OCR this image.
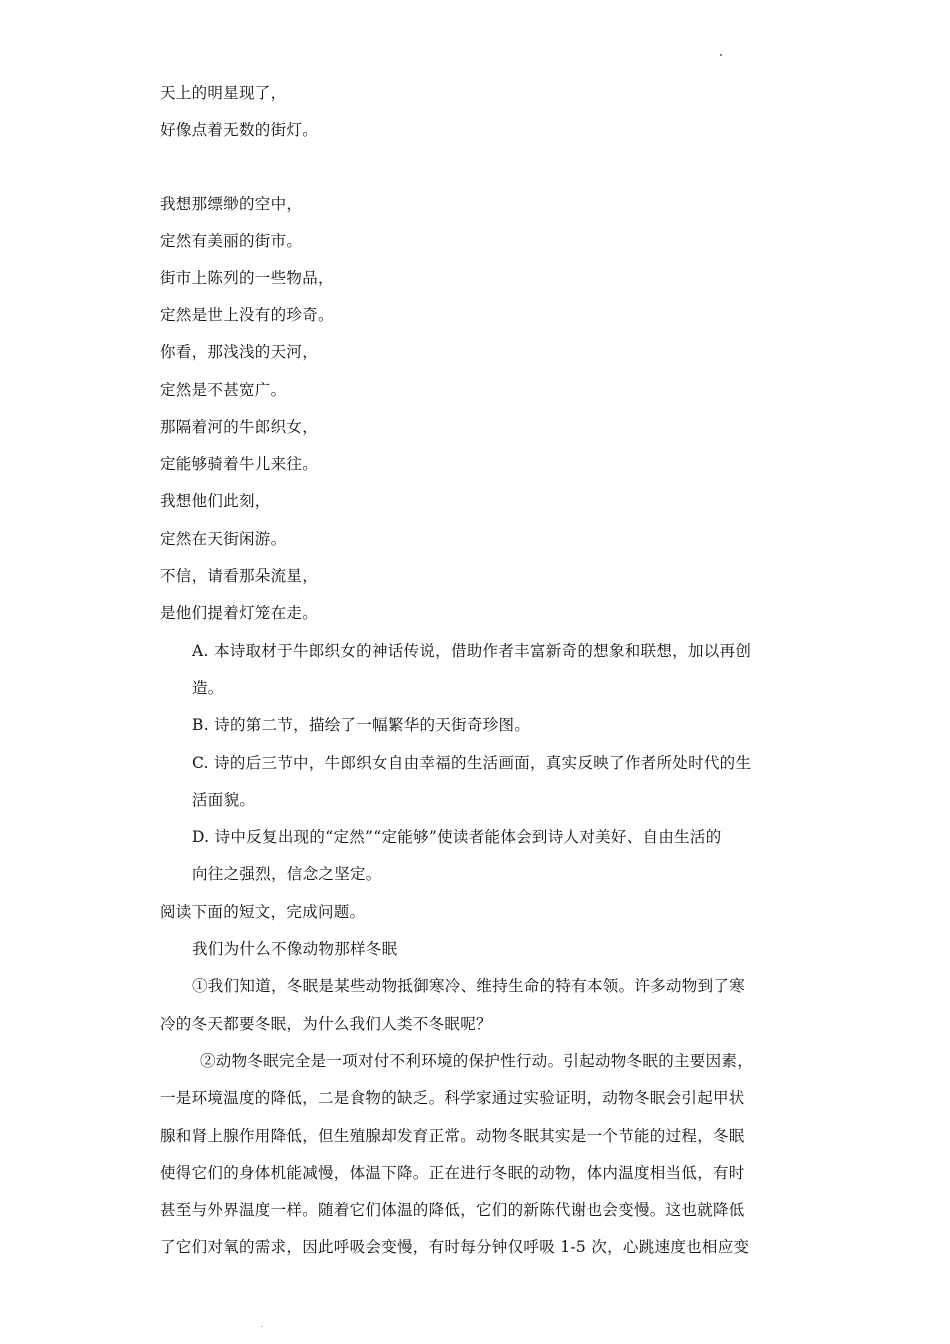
天上的明星现了，
好像点着无数的街灯。
我想那缥缈的空中，
定然有美丽的街市。
街市上陈列的一些物品，
定然是世上没有的珍奇。
你看，那浅浅的天河，
定然是不甚宽广。
那隔着河的牛郎织女，
定能够骑着牛儿来往。
我想他们此刻，
定然在天街闲游。
不信，请看那朵流星，
是他们提着灯笼在走。
A. 本诗取材于牛郎织女的神话传说，借助作者丰富新奇的想象和联想，加以再创
造。
B. 诗的第二节，描绘了一幅繁华的天街奇珍图。
C. 诗的后三节中，牛郎织女自由幸福的生活画面，真实反映了作者所处时代的生
活面貌。
D. 诗中反复出现的“定然”“定能够”使读者能体会到诗人对美好、自由生活的
向往之强烈，信念之坚定。
阅读下面的短文，完成问题。
我们为什么不像动物那样冬眠
①我们知道，冬眠是某些动物抵御寒冷、维持生命的特有本领。许多动物到了寒
冷的冬天都要冬眠，为什么我们人类不冬眠呢？
②动物冬眠完全是一项对付不利环境的保护性行动。引起动物冬眠的主要因素，
一是环境温度的降低，二是食物的缺乏。科学家通过实验证明，动物冬眠会引起甲状
腺和肾上腺作用降低，但生殖腺却发育正常。动物冬眠其实是一个节能的过程，冬眠
使得它们的身体机能减慢，体温下降。正在进行冬眠的动物，体内温度相当低，有时
甚至与外界温度一样。随着它们体温的降低，它们的新陈代谢也会变慢。这也就降低
了它们对氧的需求，因此呼吸会变慢，有时每分钟仅呼吸 1-5 次，心跳速度也相应变
